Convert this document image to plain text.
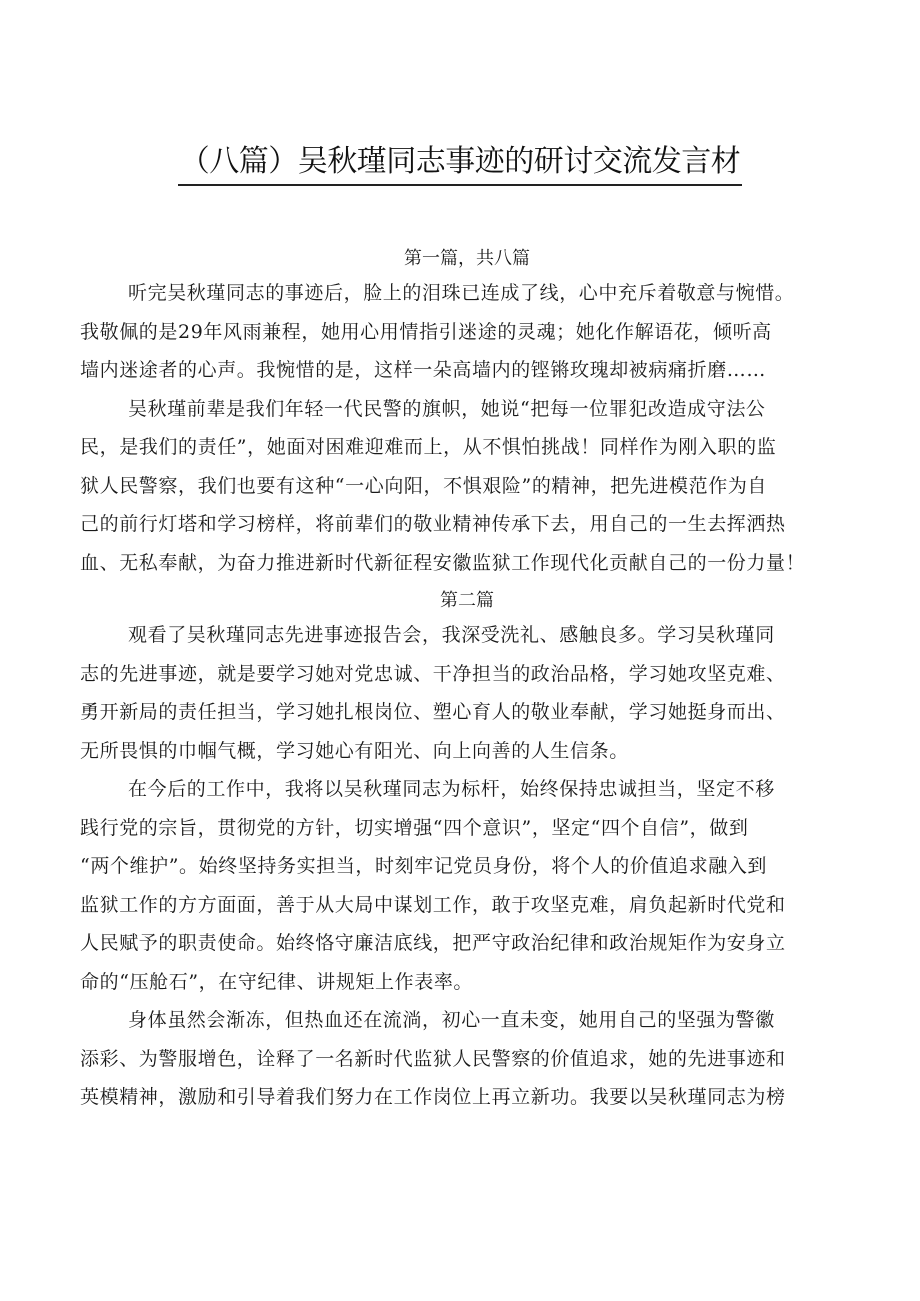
（八篇）吴秋瑾同志事迹的研讨交流发言材
第一篇，共八篇
听完吴秋瑾同志的事迹后，脸上的泪珠已连成了线，心中充斥着敬意与惋惜。
我敬佩的是29年风雨兼程，她用心用情指引迷途的灵魂；她化作解语花，倾听高
墙内迷途者的心声。我惋惜的是，这样一朵高墙内的铿锵玫瑰却被病痛折磨……
吴秋瑾前辈是我们年轻一代民警的旗帜，她说“把每一位罪犯改造成守法公
民，是我们的责任”，她面对困难迎难而上，从不惧怕挑战！同样作为刚入职的监
狱人民警察，我们也要有这种“一心向阳，不惧艰险”的精神，把先进模范作为自
己的前行灯塔和学习榜样，将前辈们的敬业精神传承下去，用自己的一生去挥洒热
血、无私奉献，为奋力推进新时代新征程安徽监狱工作现代化贡献自己的一份力量！
第二篇
观看了吴秋瑾同志先进事迹报告会，我深受洗礼、感触良多。学习吴秋瑾同
志的先进事迹，就是要学习她对党忠诚、干净担当的政治品格，学习她攻坚克难、
勇开新局的责任担当，学习她扎根岗位、塑心育人的敬业奉献，学习她挺身而出、
无所畏惧的巾帼气概，学习她心有阳光、向上向善的人生信条。
在今后的工作中，我将以吴秋瑾同志为标杆，始终保持忠诚担当，坚定不移
践行党的宗旨，贯彻党的方针，切实增强“四个意识”，坚定“四个自信”，做到
“两个维护”。始终坚持务实担当，时刻牢记党员身份，将个人的价值追求融入到
监狱工作的方方面面，善于从大局中谋划工作，敢于攻坚克难，肩负起新时代党和
人民赋予的职责使命。始终恪守廉洁底线，把严守政治纪律和政治规矩作为安身立
命的“压舱石”，在守纪律、讲规矩上作表率。
身体虽然会渐冻，但热血还在流淌，初心一直未变，她用自己的坚强为警徽
添彩、为警服增色，诠释了一名新时代监狱人民警察的价值追求，她的先进事迹和
英模精神，激励和引导着我们努力在工作岗位上再立新功。我要以吴秋瑾同志为榜
